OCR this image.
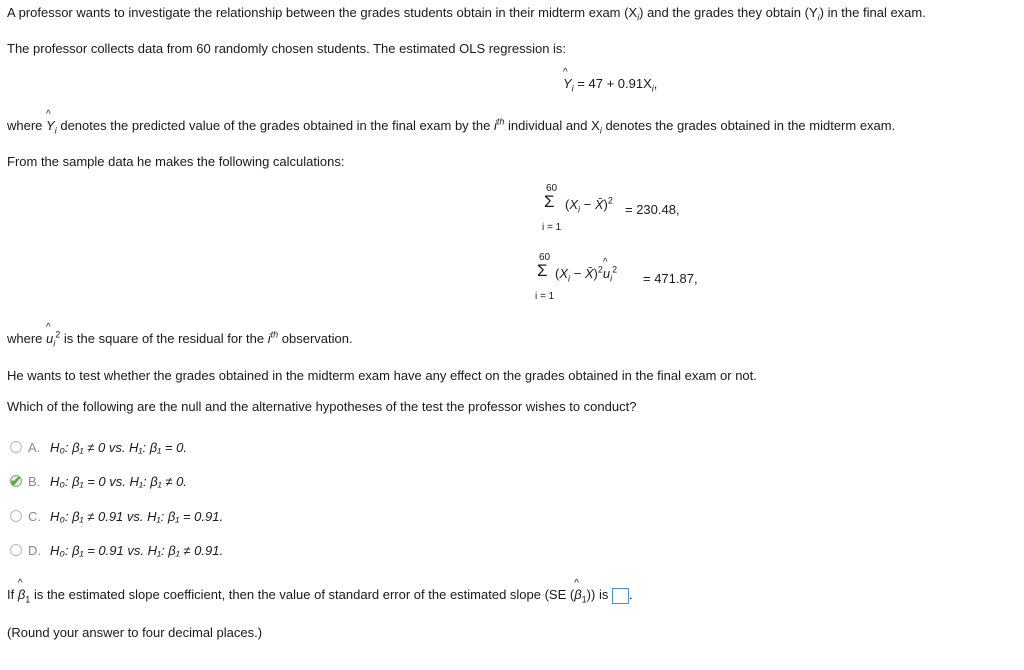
A professor wants to investigate the relationship between the grades students obtain in their midterm exam $(X_i)$ and the grades they obtain $(Y_i)$ in the final exam.
The professor collects data from 60 randomly chosen students. The estimated OLS regression is:
^ $Y_i = 47 + 0.91X_i$,
where ^ $Y_i$ denotes the predicted value of the grades obtained in the final exam by the $i^{th}$ individual and $X_i$ denotes the grades obtained in the midterm exam.
From the sample data he makes the following calculations:
60
Σ
i = 1
($X_i$ − X̄)$^2$
= 230.48,
60
Σ
i = 1
($X_i$ − X̄)$^2$^ $u_i^2$
= 471.87,
where ^ $u_i^2$ is the square of the residual for the $i^{th}$ observation.
He wants to test whether the grades obtained in the midterm exam have any effect on the grades obtained in the final exam or not.
Which of the following are the null and the alternative hypotheses of the test the professor wishes to conduct?
A. H₀: β₁ ≠ 0 vs. H₁: β₁ = 0.
✔ B. H₀: β₁ = 0 vs. H₁: β₁ ≠ 0.
C. H₀: β₁ ≠ 0.91 vs. H₁: β₁ = 0.91.
D. H₀: β₁ = 0.91 vs. H₁: β₁ ≠ 0.91.
If ^ $\beta_1$ is the estimated slope coefficient, then the value of standard error of the estimated slope (SE (^ $\beta_1$)) is .
(Round your answer to four decimal places.)
